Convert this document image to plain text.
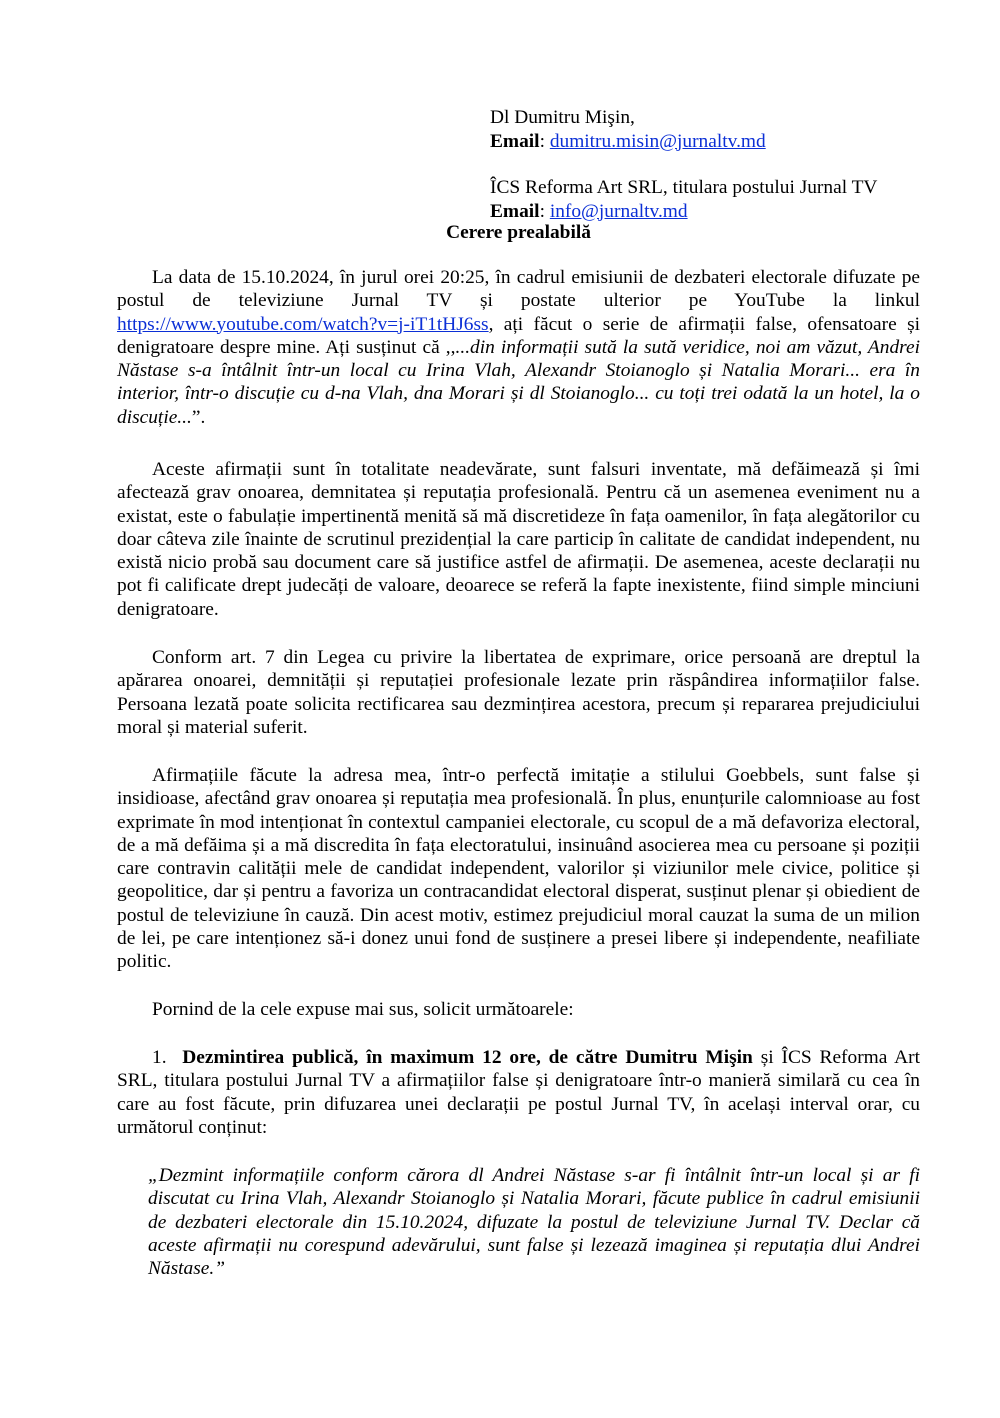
Dl Dumitru Mişin,
Email: dumitru.misin@jurnaltv.md
ÎCS Reforma Art SRL, titulara postului Jurnal TV
Email: info@jurnaltv.md
Cerere prealabilă
La data de 15.10.2024, în jurul orei 20:25, în cadrul emisiunii de dezbateri electorale difuzate pe postul de televiziune Jurnal TV și postate ulterior pe YouTube la linkul https://www.youtube.com/watch?v=j-iT1tHJ6ss, ați făcut o serie de afirmații false, ofensatoare și denigratoare despre mine. Ați susținut că ,,...din informații sută la sută veridice, noi am văzut, Andrei Năstase s-a întâlnit într-un local cu Irina Vlah, Alexandr Stoianoglo și Natalia Morari... era în interior, într-o discuție cu d-na Vlah, dna Morari și dl Stoianoglo... cu toți trei odată la un hotel, la o discuție...”.
Aceste afirmații sunt în totalitate neadevărate, sunt falsuri inventate, mă defăimează și îmi afectează grav onoarea, demnitatea și reputația profesională. Pentru că un asemenea eveniment nu a existat, este o fabulație impertinentă menită să mă discretideze în fața oamenilor, în fața alegătorilor cu doar câteva zile înainte de scrutinul prezidențial la care particip în calitate de candidat independent, nu există nicio probă sau document care să justifice astfel de afirmații. De asemenea, aceste declarații nu pot fi calificate drept judecăți de valoare, deoarece se referă la fapte inexistente, fiind simple minciuni denigratoare.
Conform art. 7 din Legea cu privire la libertatea de exprimare, orice persoană are dreptul la apărarea onoarei, demnității și reputației profesionale lezate prin răspândirea informațiilor false. Persoana lezată poate solicita rectificarea sau dezmințirea acestora, precum și repararea prejudiciului moral și material suferit.
Afirmațiile făcute la adresa mea, într-o perfectă imitație a stilului Goebbels, sunt false și insidioase, afectând grav onoarea și reputația mea profesională. În plus, enunțurile calomnioase au fost exprimate în mod intenționat în contextul campaniei electorale, cu scopul de a mă defavoriza electoral, de a mă defăima și a mă discredita în fața electoratului, insinuând asocierea mea cu persoane și poziții care contravin calității mele de candidat independent, valorilor și viziunilor mele civice, politice și geopolitice, dar și pentru a favoriza un contracandidat electoral disperat, susținut plenar și obiedient de postul de televiziune în cauză. Din acest motiv, estimez prejudiciul moral cauzat la suma de un milion de lei, pe care intenționez să-i donez unui fond de susținere a presei libere și independente, neafiliate politic.
Pornind de la cele expuse mai sus, solicit următoarele:
1. Dezmintirea publică, în maximum 12 ore, de către Dumitru Mişin și ÎCS Reforma Art SRL, titulara postului Jurnal TV a afirmațiilor false și denigratoare într-o manieră similară cu cea în care au fost făcute, prin difuzarea unei declarații pe postul Jurnal TV, în același interval orar, cu următorul conținut:
„Dezmint informațiile conform cărora dl Andrei Năstase s-ar fi întâlnit într-un local și ar fi discutat cu Irina Vlah, Alexandr Stoianoglo și Natalia Morari, făcute publice în cadrul emisiunii de dezbateri electorale din 15.10.2024, difuzate la postul de televiziune Jurnal TV. Declar că aceste afirmații nu corespund adevărului, sunt false și lezează imaginea și reputația dlui Andrei Năstase.”
